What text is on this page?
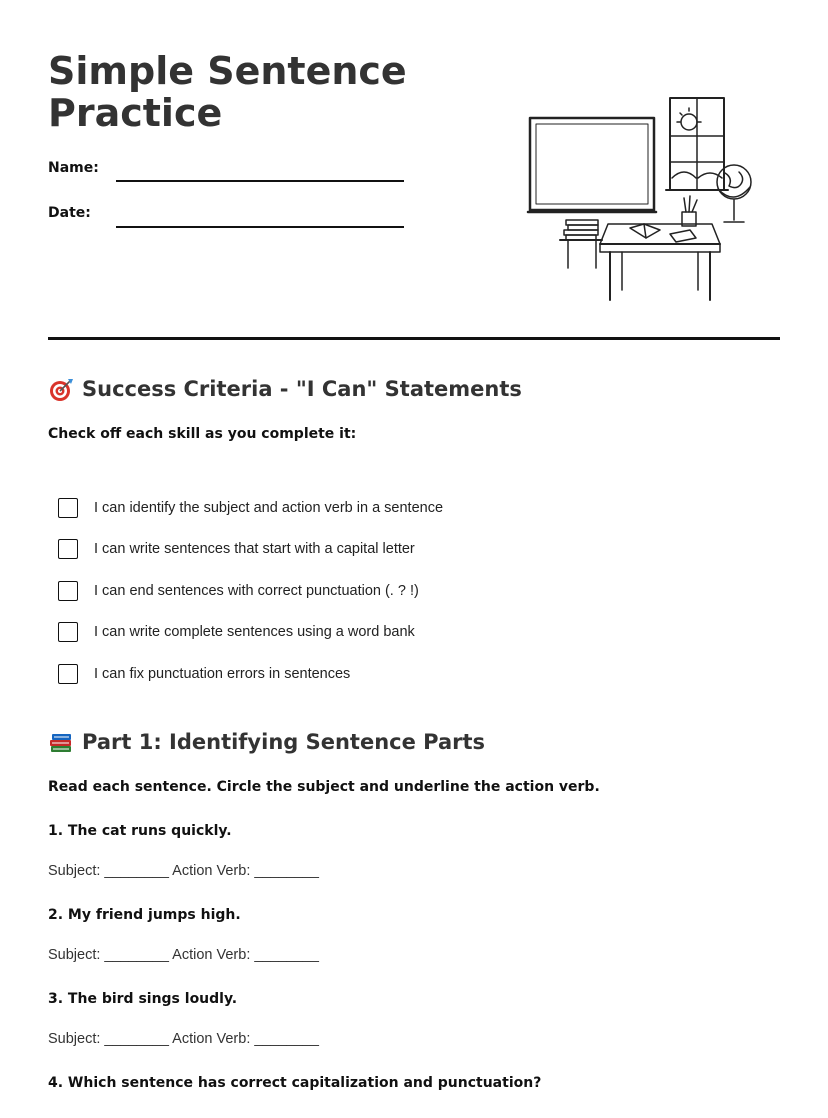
Simple Sentence
Practice
Name:
Date:
Success Criteria - "I Can" Statements
Check off each skill as you complete it:
I can identify the subject and action verb in a sentence
I can write sentences that start with a capital letter
I can end sentences with correct punctuation (. ? !)
I can write complete sentences using a word bank
I can fix punctuation errors in sentences
Part 1: Identifying Sentence Parts
Read each sentence. Circle the subject and underline the action verb.
1. The cat runs quickly.
Subject: ________ Action Verb: ________
2. My friend jumps high.
Subject: ________ Action Verb: ________
3. The bird sings loudly.
Subject: ________ Action Verb: ________
4. Which sentence has correct capitalization and punctuation?
